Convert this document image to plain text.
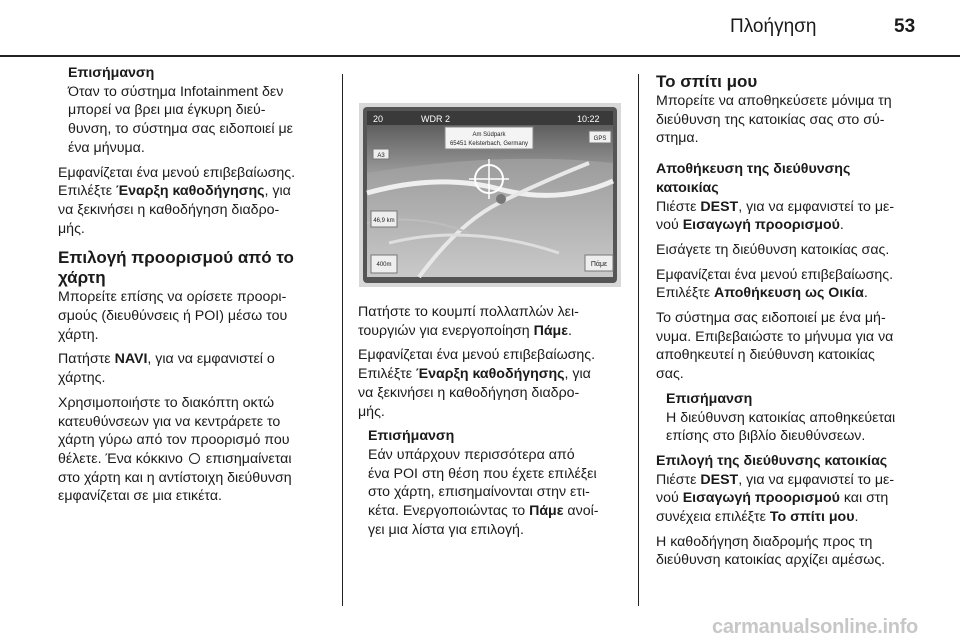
Πλοήγηση	53
Επισήμανση
Όταν το σύστημα Infotainment δεν
μπορεί να βρει μια έγκυρη διεύ-
θυνση, το σύστημα σας ειδοποιεί με
ένα μήνυμα.

Εμφανίζεται ένα μενού επιβεβαίωσης.
Επιλέξτε Έναρξη καθοδήγησης, για
να ξεκινήσει η καθοδήγηση διαδρο-
μής.

Επιλογή προορισμού από το
χάρτη

Μπορείτε επίσης να ορίσετε προορι-
σμούς (διευθύνσεις ή POI) μέσω του
χάρτη.

Πατήστε NAVI, για να εμφανιστεί ο
χάρτης.

Χρησιμοποιήστε το διακόπτη οκτώ
κατευθύνσεων για να κεντράρετε το
χάρτη γύρω από τον προορισμό που
θέλετε. Ένα κόκκινο επισημαίνεται
στο χάρτη και η αντίστοιχη διεύθυνση
εμφανίζεται σε μια ετικέτα.

20	WDR 2	10:22
Am Südpark
65451 Kelsterbach, Germany
GPS
A3
46,9 km
400m	Πάμε

Πατήστε το κουμπί πολλαπλών λει-
τουργιών για ενεργοποίηση Πάμε.

Εμφανίζεται ένα μενού επιβεβαίωσης.
Επιλέξτε Έναρξη καθοδήγησης, για
να ξεκινήσει η καθοδήγηση διαδρο-
μής.

Επισήμανση
Εάν υπάρχουν περισσότερα από
ένα POI στη θέση που έχετε επιλέξει
στο χάρτη, επισημαίνονται στην ετι-
κέτα. Ενεργοποιώντας το Πάμε ανοί-
γει μια λίστα για επιλογή.
Το σπίτι μου

Μπορείτε να αποθηκεύσετε μόνιμα τη
διεύθυνση της κατοικίας σας στο σύ-
στημα.

Αποθήκευση της διεύθυνσης
κατοικίας

Πιέστε DEST, για να εμφανιστεί το με-
νού Εισαγωγή προορισμού.

Εισάγετε τη διεύθυνση κατοικίας σας.

Εμφανίζεται ένα μενού επιβεβαίωσης.
Επιλέξτε Αποθήκευση ως Οικία.

Το σύστημα σας ειδοποιεί με ένα μή-
νυμα. Επιβεβαιώστε το μήνυμα για να
αποθηκευτεί η διεύθυνση κατοικίας
σας.

Επισήμανση
Η διεύθυνση κατοικίας αποθηκεύεται
επίσης στο βιβλίο διευθύνσεων.
Επιλογή της διεύθυνσης κατοικίας

Πιέστε DEST, για να εμφανιστεί το με-
νού Εισαγωγή προορισμού και στη
συνέχεια επιλέξτε Το σπίτι μου.

Η καθοδήγηση διαδρομής προς τη
διεύθυνση κατοικίας αρχίζει αμέσως.

carmanualsonline.info
